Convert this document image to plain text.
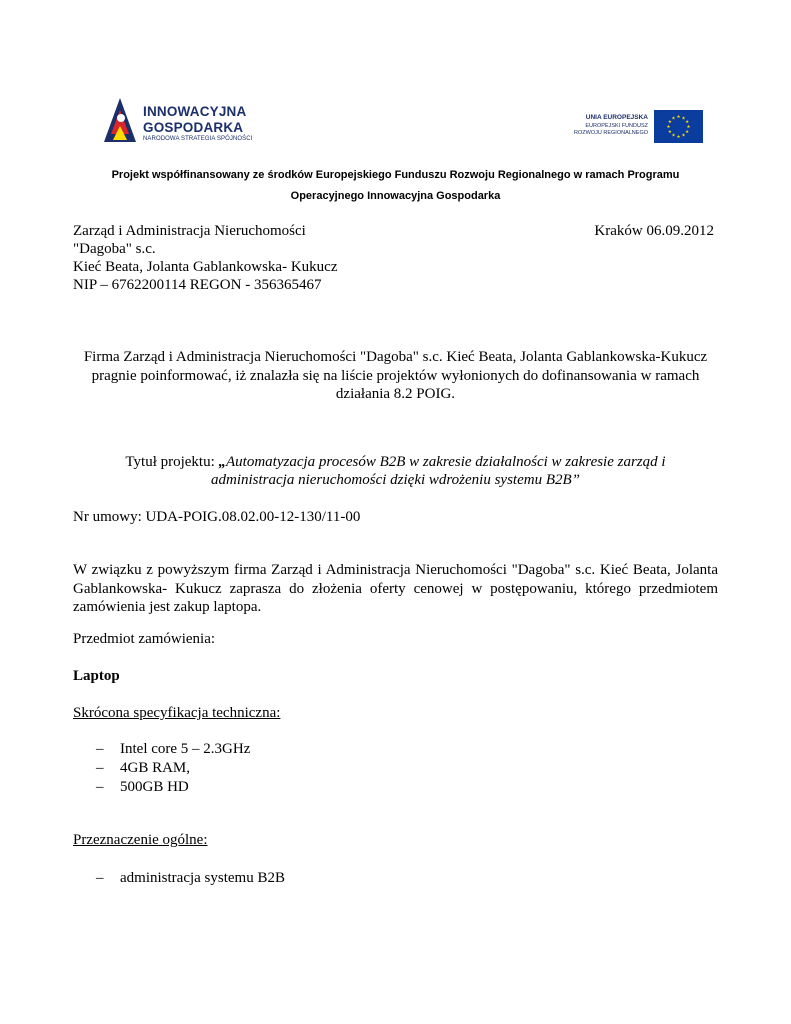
INNOWACYJNA
GOSPODARKA
NARODOWA STRATEGIA SPÓJNOŚCI
UNIA EUROPEJSKA
EUROPEJSKI FUNDUSZ
ROZWOJU REGIONALNEGO
★ ★
★
★
★
★
★
★
★
★
★
★
Projekt współfinansowany ze środków Europejskiego Funduszu Rozwoju Regionalnego w ramach Programu
Operacyjnego Innowacyjna Gospodarka
Zarząd i Administracja Nieruchomości
"Dagoba" s.c.
Kieć Beata, Jolanta Gablankowska- Kukucz
NIP – 6762200114 REGON - 356365467
Kraków 06.09.2012
Firma Zarząd i Administracja Nieruchomości "Dagoba" s.c. Kieć Beata, Jolanta Gablankowska-Kukucz pragnie poinformować, iż znalazła się na liście projektów wyłonionych do dofinansowania w ramach działania 8.2 POIG.
Tytuł projektu: „Automatyzacja procesów B2B w zakresie działalności w zakresie zarząd i
administracja nieruchomości dzięki wdrożeniu systemu B2B”
Nr umowy: UDA-POIG.08.02.00-12-130/11-00
W związku z powyższym firma Zarząd i Administracja Nieruchomości "Dagoba" s.c. Kieć Beata, Jolanta Gablankowska- Kukucz zaprasza do złożenia oferty cenowej w postępowaniu, którego przedmiotem zamówienia jest zakup laptopa.
Przedmiot zamówienia:
Laptop
Skrócona specyfikacja techniczna:
– Intel core 5 – 2.3GHz
– 4GB RAM,
– 500GB HD
Przeznaczenie ogólne:
– administracja systemu B2B
